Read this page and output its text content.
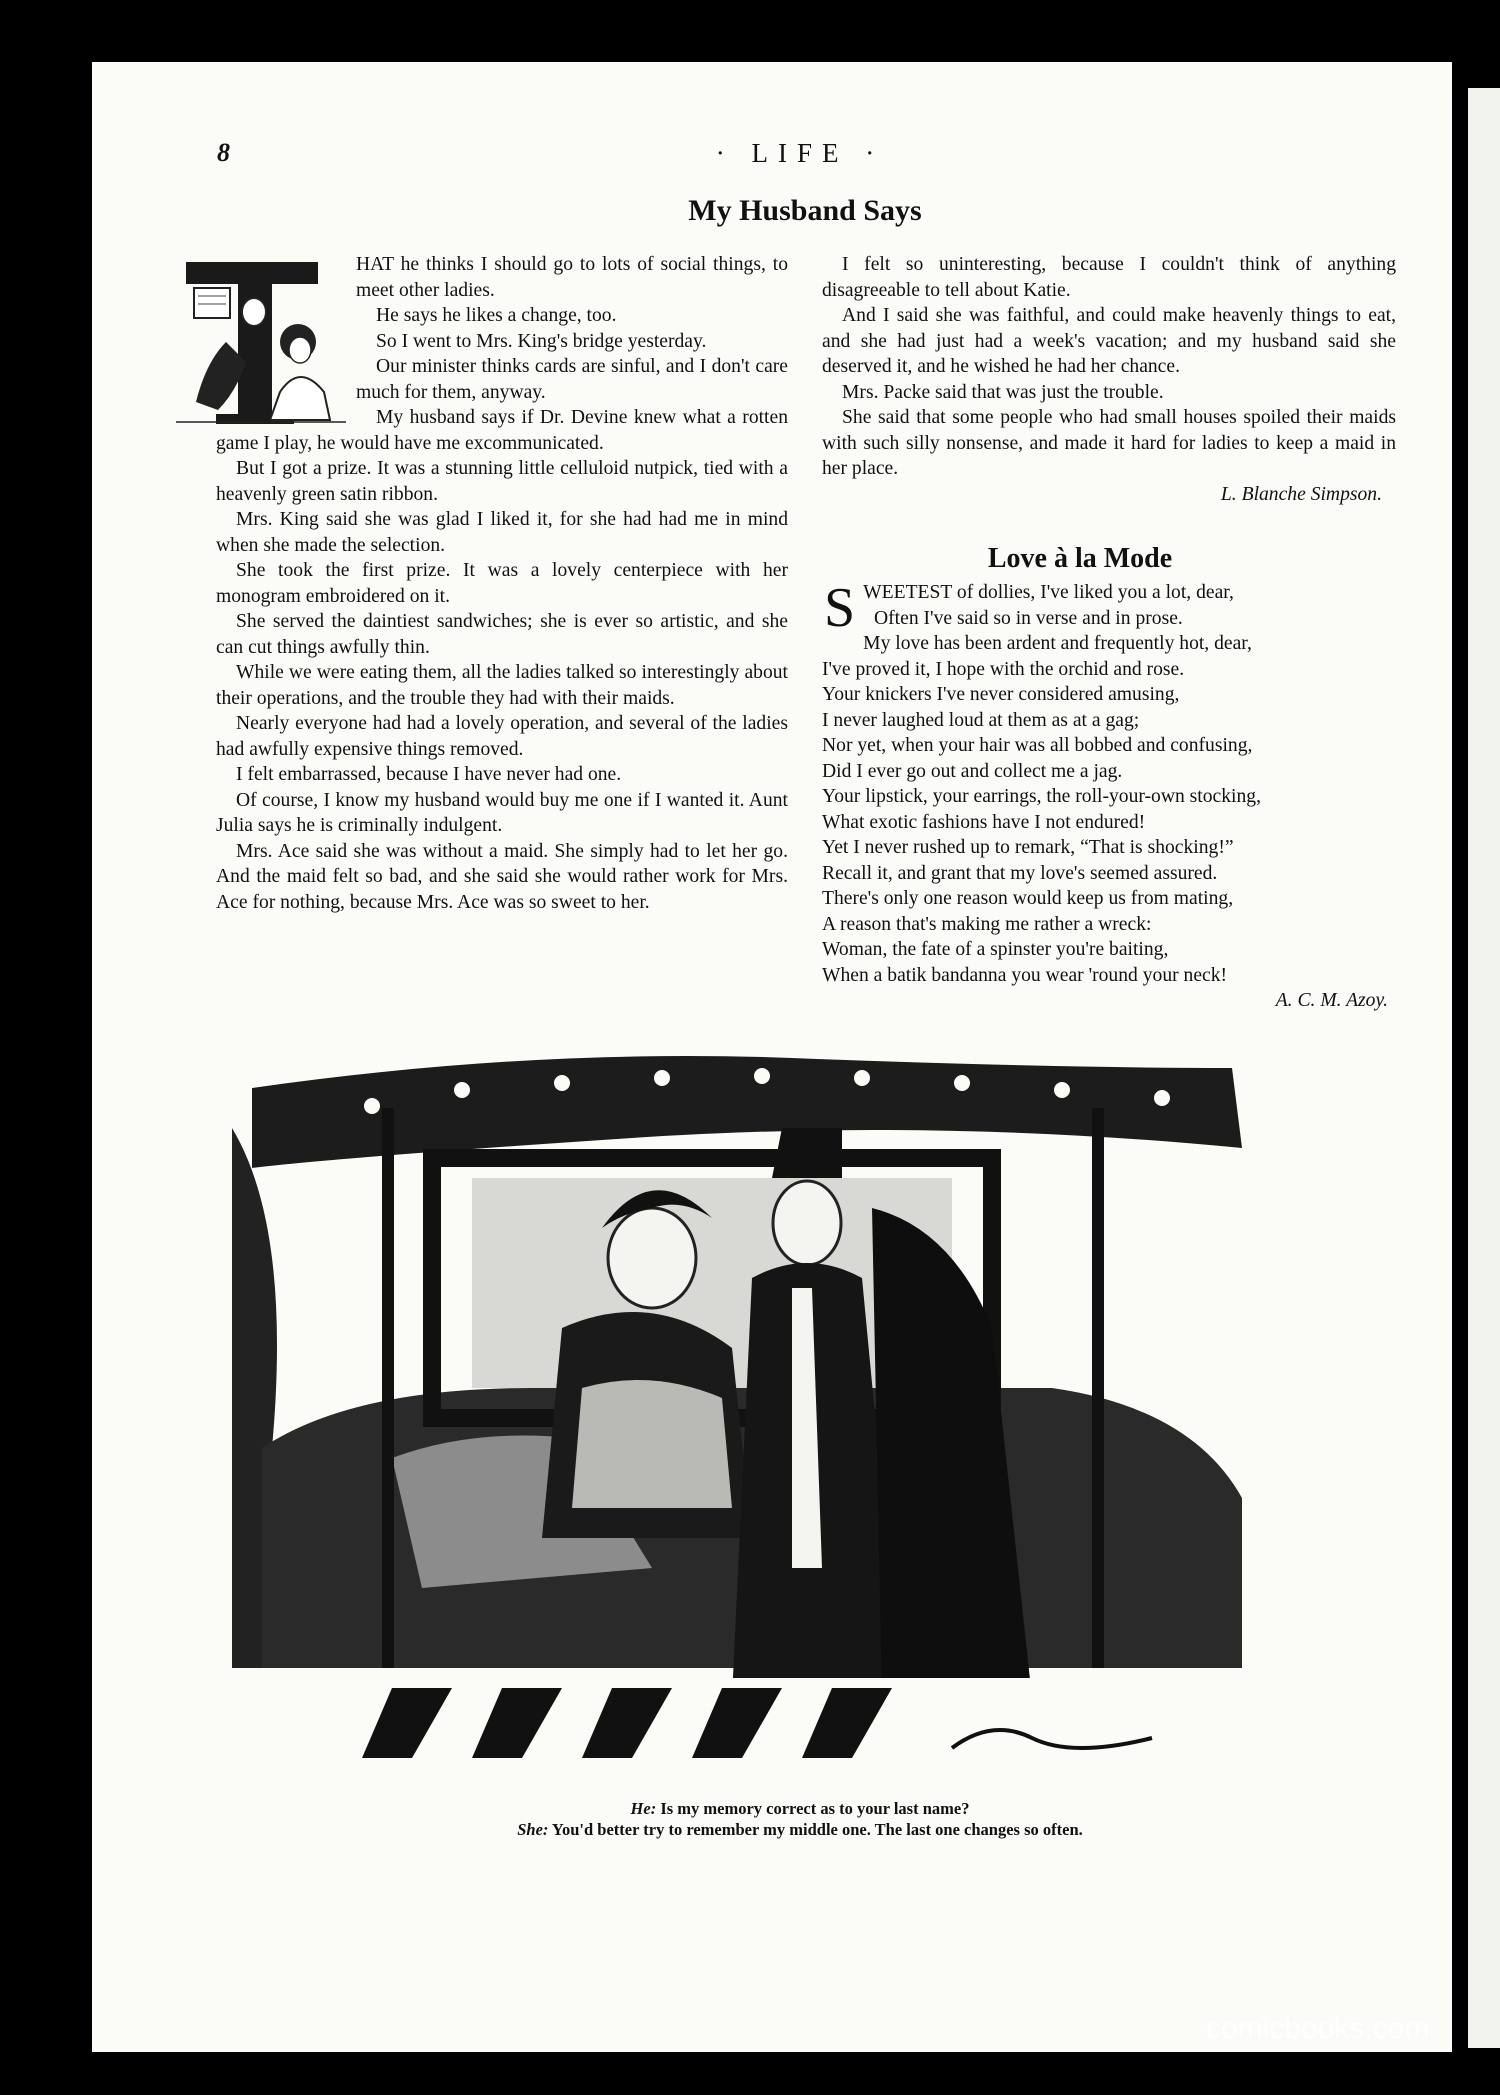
8	· LIFE ·
My Husband Says

HAT he thinks I should go to lots of social things, to meet other ladies.

He says he likes a change, too.

So I went to Mrs. King's bridge yesterday.

Our minister thinks cards are sinful, and I don't care much for them, anyway.

My husband says if Dr. Devine knew what a rotten game I play, he would have me excommunicated.

But I got a prize. It was a stunning little celluloid nutpick, tied with a heavenly green satin ribbon.

Mrs. King said she was glad I liked it, for she had had me in mind when she made the selection.

She took the first prize. It was a lovely centerpiece with her monogram embroidered on it.

She served the daintiest sandwiches; she is ever so artistic, and she can cut things awfully thin.

While we were eating them, all the ladies talked so interestingly about their operations, and the trouble they had with their maids.

Nearly everyone had had a lovely operation, and several of the ladies had awfully expensive things removed.

I felt embarrassed, because I have never had one.

Of course, I know my husband would buy me one if I wanted it. Aunt Julia says he is criminally indulgent.

Mrs. Ace said she was without a maid. She simply had to let her go. And the maid felt so bad, and she said she would rather work for Mrs. Ace for nothing, because Mrs. Ace was so sweet to her.

I felt so uninteresting, because I couldn't think of anything disagreeable to tell about Katie.

And I said she was faithful, and could make heavenly things to eat, and she had just had a week's vacation; and my husband said she deserved it, and he wished he had her chance.

Mrs. Packe said that was just the trouble.

She said that some people who had small houses spoiled their maids with such silly nonsense, and made it hard for ladies to keep a maid in her place.

L. Blanche Simpson.

Love à la Mode
SWEETEST of dollies, I've liked you a lot, dear,
Often I've said so in verse and in prose.
My love has been ardent and frequently hot, dear,
I've proved it, I hope with the orchid and rose.
Your knickers I've never considered amusing,
I never laughed loud at them as at a gag;
Nor yet, when your hair was all bobbed and confusing,
Did I ever go out and collect me a jag.
Your lipstick, your earrings, the roll-your-own stocking,
What exotic fashions have I not endured!
Yet I never rushed up to remark, “That is shocking!”
Recall it, and grant that my love's seemed assured.
There's only one reason would keep us from mating,
A reason that's making me rather a wreck:
Woman, the fate of a spinster you're baiting,
When a batik bandanna you wear 'round your neck!
A. C. M. Azoy.
He: Is my memory correct as to your last name?
She: You'd better try to remember my middle one. The last one changes so often.
comicbooks.com
